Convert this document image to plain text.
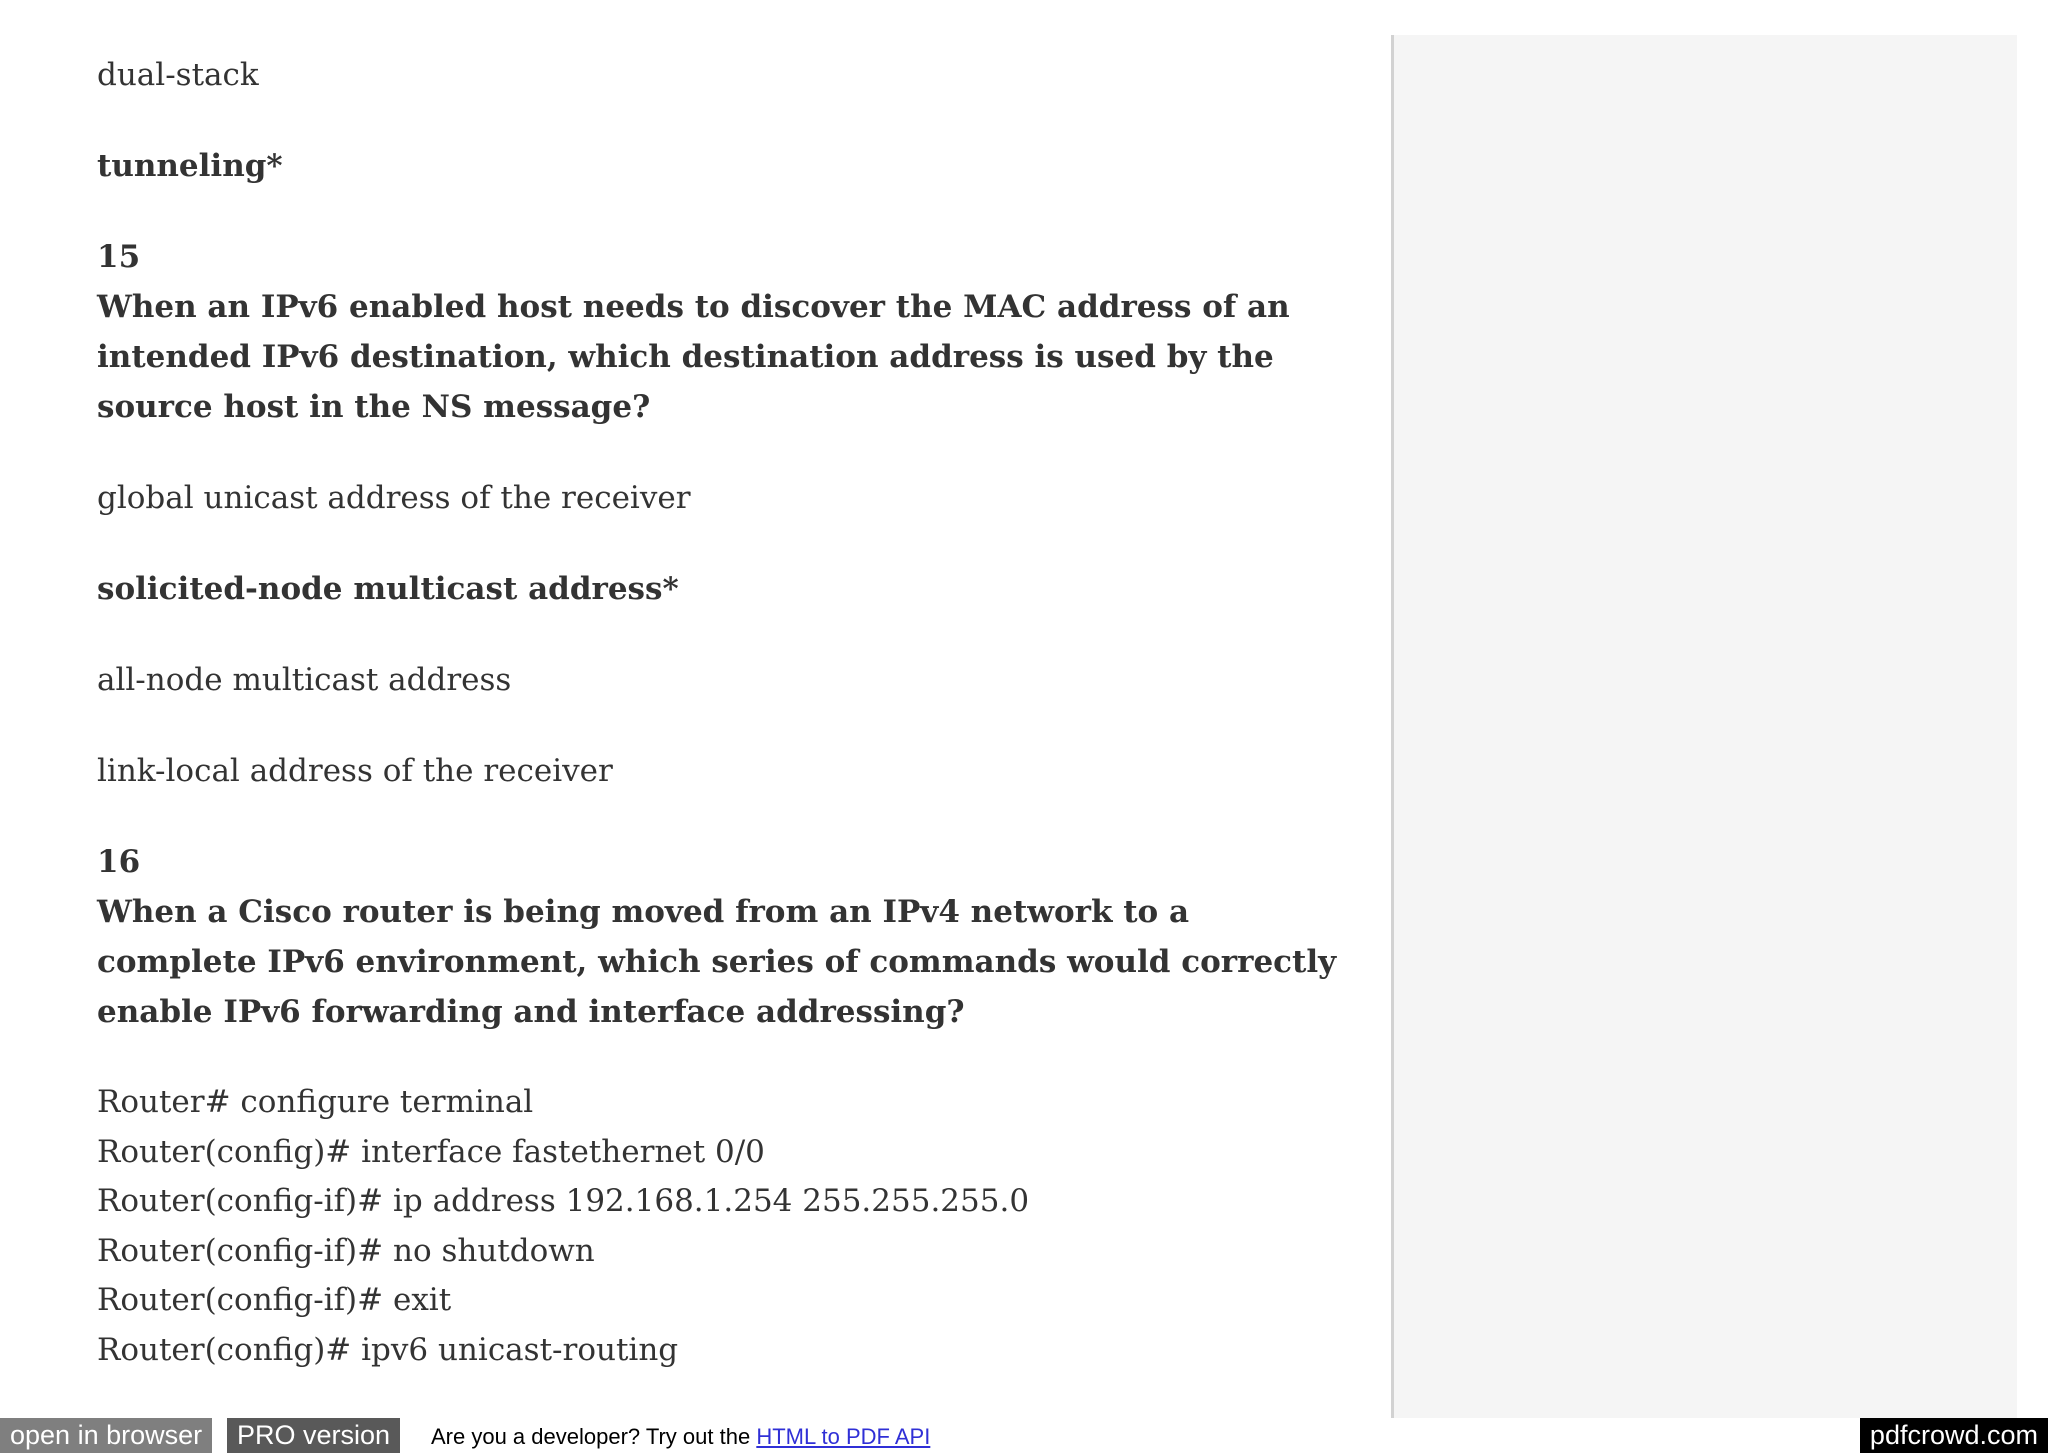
dual-stack

tunneling*

15

When an IPv6 enabled host needs to discover the MAC address of an intended IPv6 destination, which destination address is used by the source host in the NS message?

global unicast address of the receiver

solicited-node multicast address*

all-node multicast address

link-local address of the receiver

16

When a Cisco router is being moved from an IPv4 network to a complete IPv6 environment, which series of commands would correctly enable IPv6 forwarding and interface addressing?

Router# configure terminal

Router(config)# interface fastethernet 0/0

Router(config-if)# ip address 192.168.1.254 255.255.255.0

Router(config-if)# no shutdown

Router(config-if)# exit

Router(config)# ipv6 unicast-routing

open in browser	PRO version	Are you a developer? Try out the HTML to PDF API	pdfcrowd.com
